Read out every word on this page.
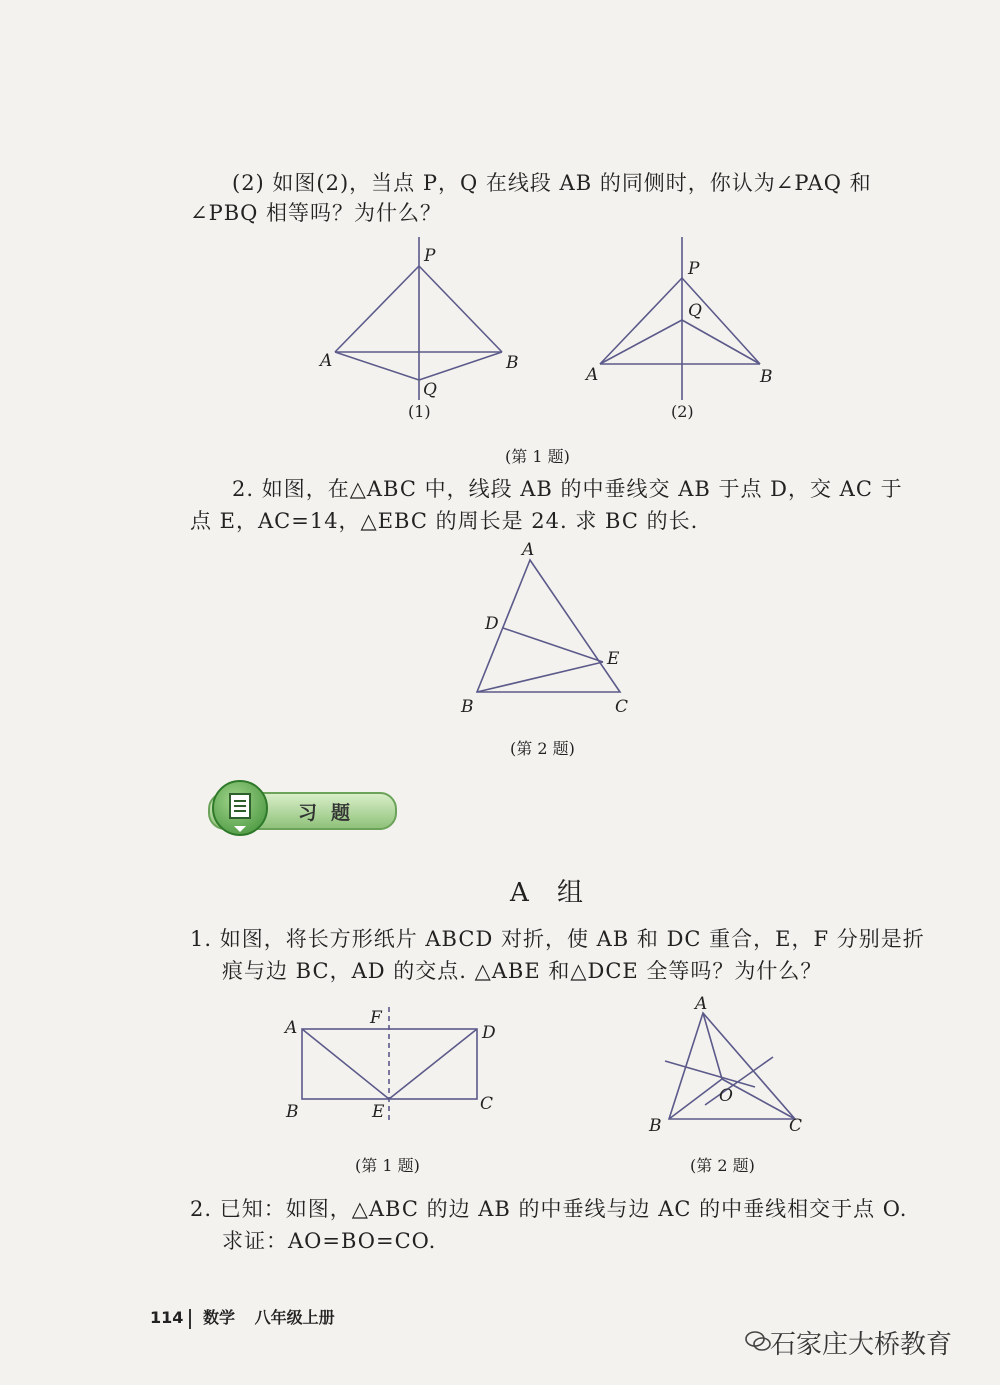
(2) 如图(2)，当点 P，Q 在线段 AB 的同侧时，你认为∠PAQ 和
∠PBQ 相等吗？为什么？
P
A	B
Q
(1)
P
Q
A	B
(2)
(第 1 题)
2. 如图，在△ABC 中，线段 AB 的中垂线交 AB 于点 D，交 AC 于
点 E，AC=14，△EBC 的周长是 24. 求 BC 的长.
A
D
E
B	C
(第 2 题)
习题
A 组
1. 如图，将长方形纸片 ABCD 对折，使 AB 和 DC 重合，E，F 分别是折
痕与边 BC，AD 的交点. △ABE 和△DCE 全等吗？为什么？
A	F
D
B	E	C
(第 1 题)
A
O
B	C
(第 2 题)
2. 已知：如图，△ABC 的边 AB 的中垂线与边 AC 的中垂线相交于点 O.
求证：AO=BO=CO.
114 数学 八年级上册
石家庄大桥教育
